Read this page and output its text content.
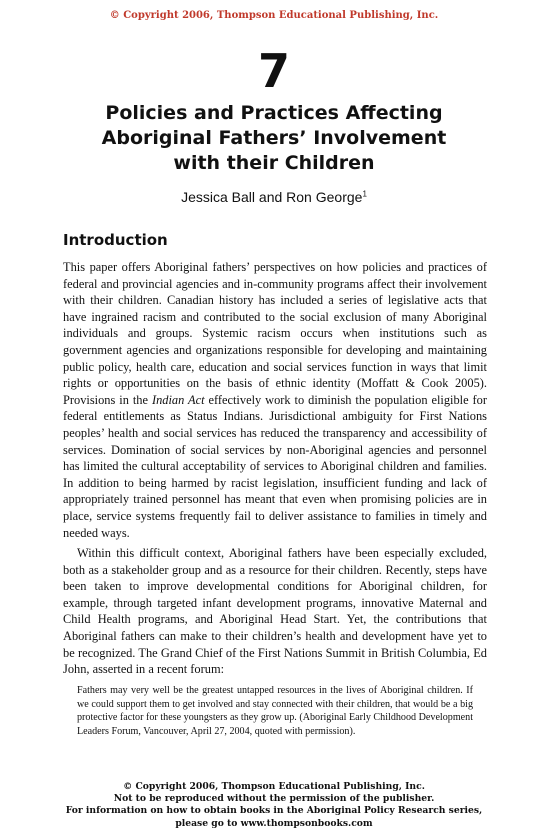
© Copyright 2006, Thompson Educational Publishing, Inc.
7
Policies and Practices Affecting
Aboriginal Fathers’ Involvement
with their Children
Jessica Ball and Ron George$^1$
Introduction

This paper offers Aboriginal fathers’ perspectives on how policies and practices of federal and provincial agencies and in-community programs affect their involvement with their children. Canadian history has included a series of legislative acts that have ingrained racism and contributed to the social exclusion of many Aboriginal individuals and groups. Systemic racism occurs when institutions such as government agencies and organizations responsible for developing and maintaining public policy, health care, education and social services function in ways that limit rights or opportunities on the basis of ethnic identity (Moffatt & Cook 2005). Provisions in the Indian Act effectively work to diminish the population eligible for federal entitlements as Status Indians. Jurisdictional ambiguity for First Nations peoples’ health and social services has reduced the transparency and accessibility of services. Domination of social services by non-Aboriginal agencies and personnel has limited the cultural acceptability of services to Aboriginal children and families. In addition to being harmed by racist legislation, insufficient funding and lack of appropriately trained personnel has meant that even when promising policies are in place, service systems frequently fail to deliver assistance to families in timely and needed ways.

Within this difficult context, Aboriginal fathers have been especially excluded, both as a stakeholder group and as a resource for their children. Recently, steps have been taken to improve developmental conditions for Aboriginal children, for example, through targeted infant development programs, innovative Maternal and Child Health programs, and Aboriginal Head Start. Yet, the contributions that Aboriginal fathers can make to their children’s health and development have yet to be recognized. The Grand Chief of the First Nations Summit in British Columbia, Ed John, asserted in a recent forum:

Fathers may very well be the greatest untapped resources in the lives of Aboriginal children. If we could support them to get involved and stay connected with their children, that would be a big protective factor for these youngsters as they grow up. (Aboriginal Early Childhood Development Leaders Forum, Vancouver, April 27, 2004, quoted with permission).

© Copyright 2006, Thompson Educational Publishing, Inc.
Not to be reproduced without the permission of the publisher.
For information on how to obtain books in the Aboriginal Policy Research series,
please go to www.thompsonbooks.com
